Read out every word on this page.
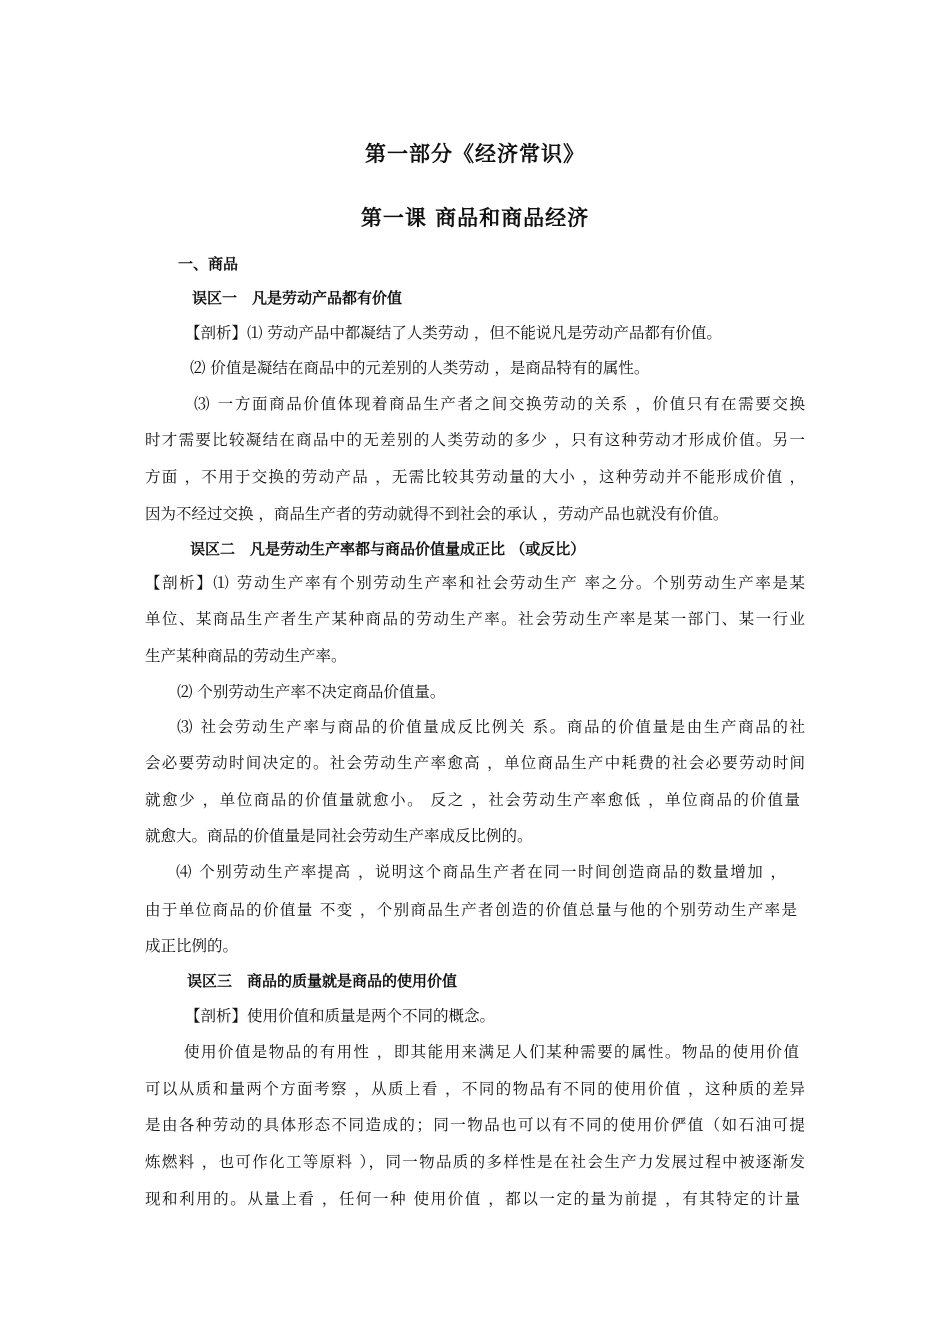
第一部分《经济常识》
第一课 商品和商品经济
一、商品
误区一　凡是劳动产品都有价值
【剖析】⑴ 劳动产品中都凝结了人类劳动 ，但不能说凡是劳动产品都有价值。
⑵ 价值是凝结在商品中的元差别的人类劳动 ，是商品特有的属性。
⑶ 一方面商品价值体现着商品生产者之间交换劳动的关系 ，价值只有在需要交换
时才需要比较凝结在商品中的无差别的人类劳动的多少 ，只有这种劳动才形成价值。另一
方面 ，不用于交换的劳动产品 ，无需比较其劳动量的大小 ，这种劳动并不能形成价值 ，
因为不经过交换 ，商品生产者的劳动就得不到社会的承认 ，劳动产品也就没有价值。
误区二　凡是劳动生产率都与商品价值量成正比 （或反比）
【剖析】⑴ 劳动生产率有个别劳动生产率和社会劳动生产 率之分。个别劳动生产率是某
单位、某商品生产者生产某种商品的劳动生产率。社会劳动生产率是某一部门、某一行业
生产某种商品的劳动生产率。
⑵ 个别劳动生产率不决定商品价值量。
⑶ 社会劳动生产率与商品的价值量成反比例关 系。商品的价值量是由生产商品的社
会必要劳动时间决定的。社会劳动生产率愈高 ，单位商品生产中耗费的社会必要劳动时间
就愈少 ，单位商品的价值量就愈小。 反之 ，社会劳动生产率愈低 ，单位商品的价值量
就愈大。商品的价值量是同社会劳动生产率成反比例的。
⑷ 个别劳动生产率提高 ，说明这个商品生产者在同一时间创造商品的数量增加 ，
由于单位商品的价值量 不变 ，个别商品生产者创造的价值总量与他的个别劳动生产率是
成正比例的。
误区三　商品的质量就是商品的使用价值
【剖析】使用价值和质量是两个不同的概念。
使用价值是物品的有用性 ，即其能用来满足人们某种需要的属性。物品的使用价值
可以从质和量两个方面考察 ，从质上看 ，不同的物品有不同的使用价值 ，这种质的差异
是由各种劳动的具体形态不同造成的；同一物品也可以有不同的使用价俨值（如石油可提
炼燃料 ，也可作化工等原料 ），同一物品质的多样性是在社会生产力发展过程中被逐渐发
现和利用的。从量上看 ，任何一种 使用价值 ，都以一定的量为前提 ，有其特定的计量
